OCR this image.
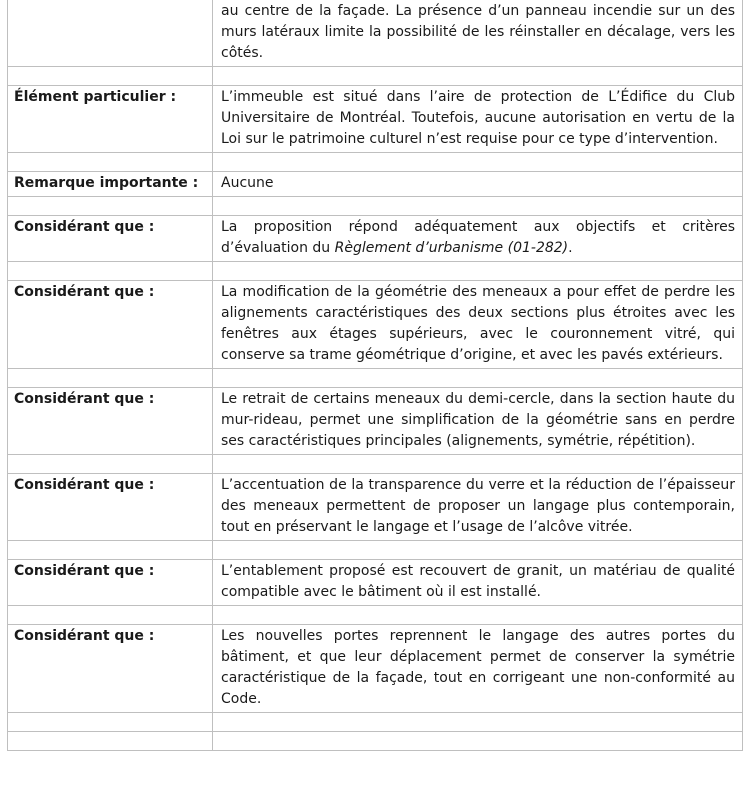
	au centre de la façade. La présence d’un panneau incendie sur un des murs latéraux limite la possibilité de les réinstaller en décalage, vers les côtés.

Élément particulier :	L’immeuble est situé dans l’aire de protection de L’Édifice du Club Universitaire de Montréal. Toutefois, aucune autorisation en vertu de la Loi sur le patrimoine culturel n’est requise pour ce type d’intervention.

Remarque importante :	Aucune

Considérant que :	La proposition répond adéquatement aux objectifs et critères d’évaluation du Règlement d’urbanisme (01-282).

Considérant que :	La modification de la géométrie des meneaux a pour effet de perdre les alignements caractéristiques des deux sections plus étroites avec les fenêtres aux étages supérieurs, avec le couronnement vitré, qui conserve sa trame géométrique d’origine, et avec les pavés extérieurs.

Considérant que :	Le retrait de certains meneaux du demi-cercle, dans la section haute du mur-rideau, permet une simplification de la géométrie sans en perdre ses caractéristiques principales (alignements, symétrie, répétition).

Considérant que :	L’accentuation de la transparence du verre et la réduction de l’épaisseur des meneaux permettent de proposer un langage plus contemporain, tout en préservant le langage et l’usage de l’alcôve vitrée.

Considérant que :	L’entablement proposé est recouvert de granit, un matériau de qualité compatible avec le bâtiment où il est installé.

Considérant que :	Les nouvelles portes reprennent le langage des autres portes du bâtiment, et que leur déplacement permet de conserver la symétrie caractéristique de la façade, tout en corrigeant une non-conformité au Code.
